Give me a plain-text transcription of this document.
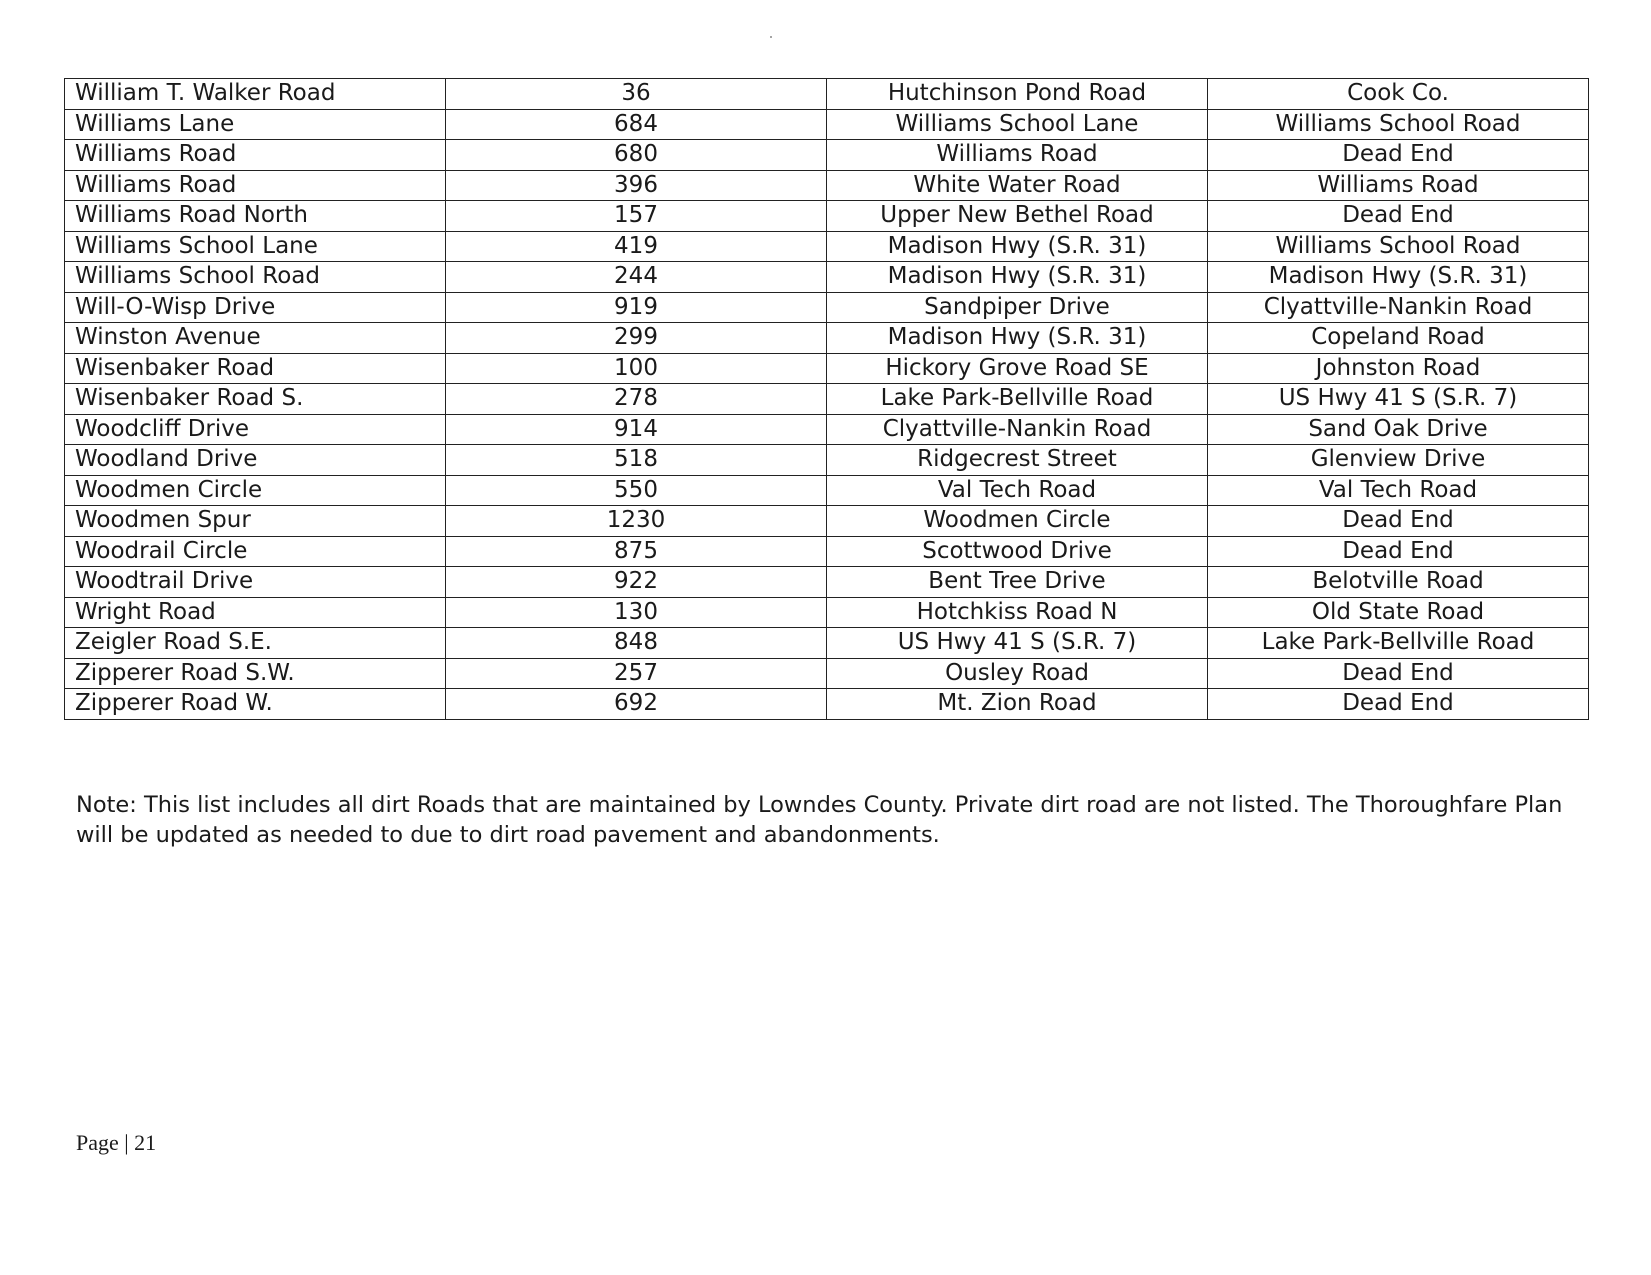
William T. Walker Road	36	Hutchinson Pond Road	Cook Co.
Williams Lane	684	Williams School Lane	Williams School Road
Williams Road	680	Williams Road	Dead End
Williams Road	396	White Water Road	Williams Road
Williams Road North	157	Upper New Bethel Road	Dead End
Williams School Lane	419	Madison Hwy (S.R. 31)	Williams School Road
Williams School Road	244	Madison Hwy (S.R. 31)	Madison Hwy (S.R. 31)
Will-O-Wisp Drive	919	Sandpiper Drive	Clyattville-Nankin Road
Winston Avenue	299	Madison Hwy (S.R. 31)	Copeland Road
Wisenbaker Road	100	Hickory Grove Road SE	Johnston Road
Wisenbaker Road S.	278	Lake Park-Bellville Road	US Hwy 41 S (S.R. 7)
Woodcliff Drive	914	Clyattville-Nankin Road	Sand Oak Drive
Woodland Drive	518	Ridgecrest Street	Glenview Drive
Woodmen Circle	550	Val Tech Road	Val Tech Road
Woodmen Spur	1230	Woodmen Circle	Dead End
Woodrail Circle	875	Scottwood Drive	Dead End
Woodtrail Drive	922	Bent Tree Drive	Belotville Road
Wright Road	130	Hotchkiss Road N	Old State Road
Zeigler Road S.E.	848	US Hwy 41 S (S.R. 7)	Lake Park-Bellville Road
Zipperer Road S.W.	257	Ousley Road	Dead End
Zipperer Road W.	692	Mt. Zion Road	Dead End

Note: This list includes all dirt Roads that are maintained by Lowndes County. Private dirt road are not listed. The Thoroughfare Plan will be updated as needed to due to dirt road pavement and abandonments.

Page | 21
